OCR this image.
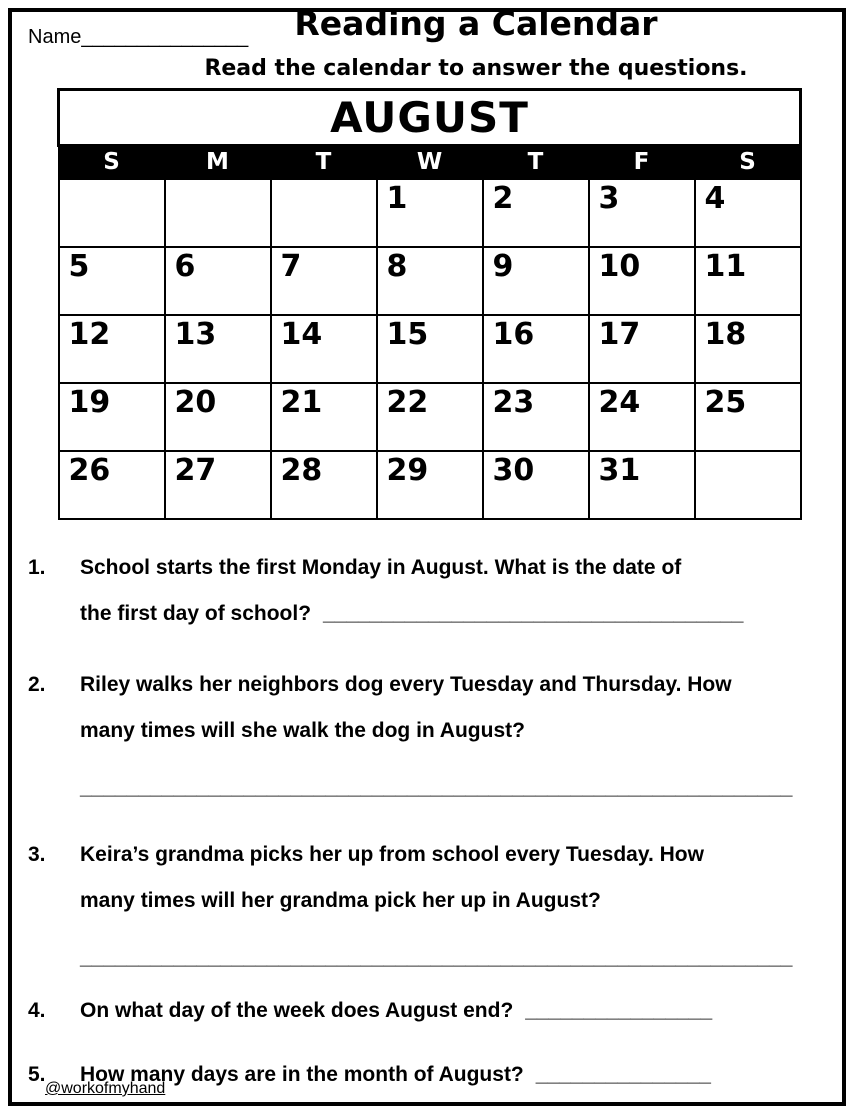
Name_______________	Reading a Calendar
Read the calendar to answer the questions.
AUGUST						
S	M	T	W	T	F	S
			1	2	3	4
5	6	7	8	9	10	11
12	13	14	15	16	17	18
19	20	21	22	23	24	25
26	27	28	29	30	31	
1.	School starts the first Monday in August. What is the date of
the first day of school? ____________________________________
2.	Riley walks her neighbors dog every Tuesday and Thursday. How
many times will she walk the dog in August?
_____________________________________________________________
3.	Keira’s grandma picks her up from school every Tuesday. How
many times will her grandma pick her up in August?
_____________________________________________________________
4.	On what day of the week does August end? ________________
5.	How many days are in the month of August? _______________
@workofmyhand
